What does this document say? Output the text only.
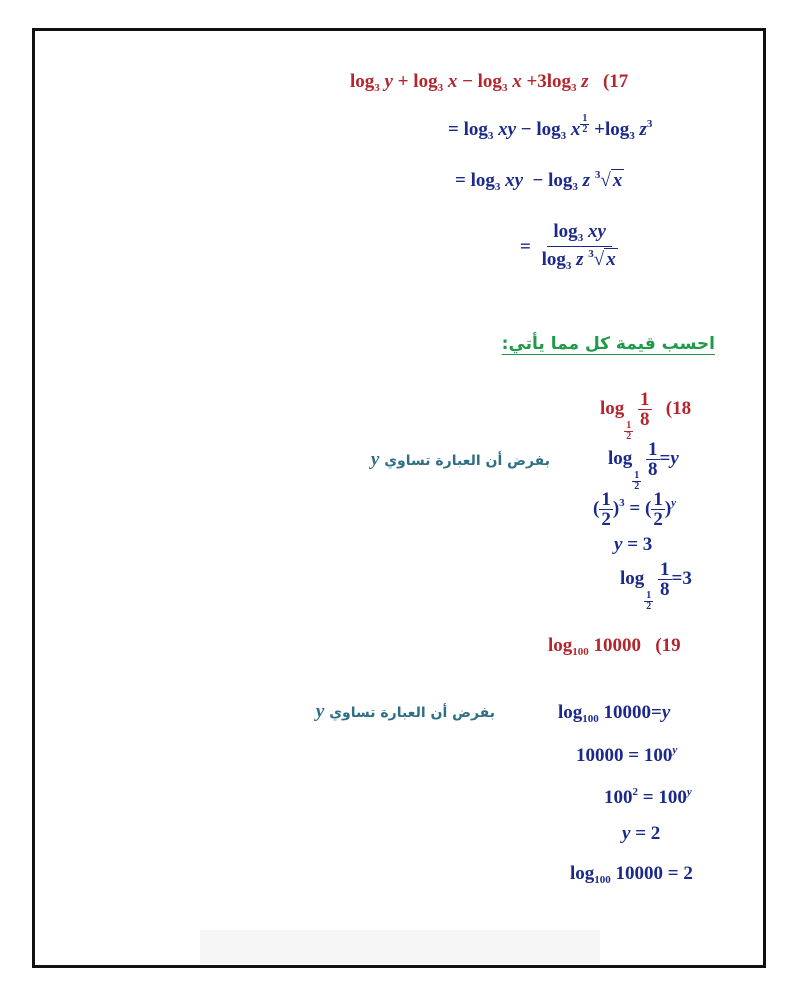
$\log_3 y + \log_3 x - \log_3 x +3\log_3$ z (17
= $\log_3$ xy − $\log_3 x \frac{1}{2} +\log_3$ $z^3$
= $\log_3$ xy − $\log_3 z$ $^3$√ x
= $\frac{\log_3 xy}{\log_3 z ^3√ x}$
احسب قيمة كل مما يأتي:
log
$\frac{1}{2}$

$\frac{1}{8} (18$
بفرض أن العبارة تساوي y	log
$\frac{1}{2}$

$\frac{1}{8} =y$
( $\frac{1}{2} )^3$ = ( $\frac{1}{2} )^y$
y = 3
log
$\frac{1}{2}$

$\frac{1}{8} =3$
$\log_{100} 10000$ (19
بفرض أن العبارة تساوي y	$\log_{100} 10000=y$
$10000 = 100^y$
$100^2 = 100^y$
y = 2
$\log_{100} 10000 = 2$
